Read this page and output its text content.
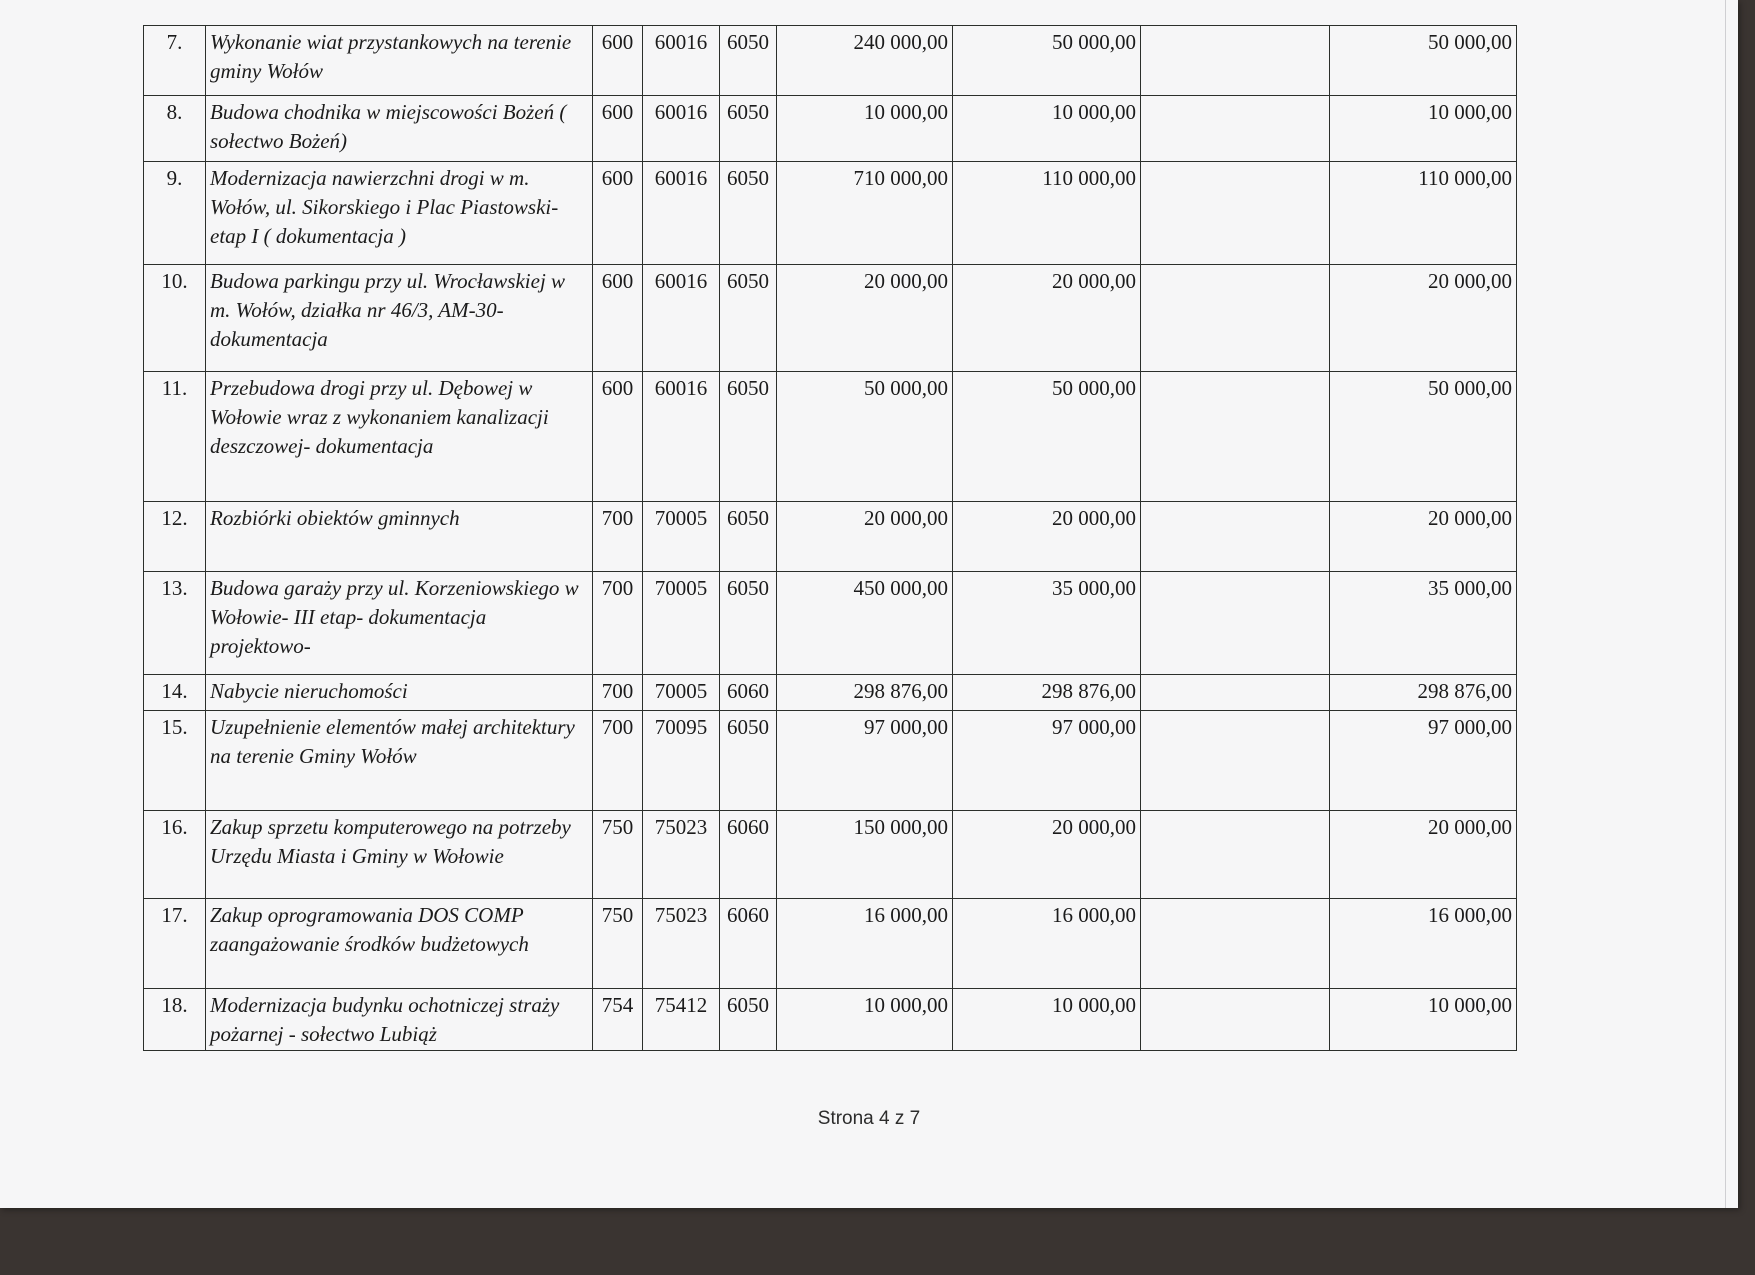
7.	Wykonanie wiat przystankowych na terenie gminy Wołów	600	60016	6050	240 000,00	50 000,00		50 000,00
8.	Budowa chodnika w miejscowości Bożeń ( sołectwo Bożeń)	600	60016	6050	10 000,00	10 000,00		10 000,00
9.	Modernizacja nawierzchni drogi w m. Wołów, ul. Sikorskiego i Plac Piastowski- etap I ( dokumentacja )	600	60016	6050	710 000,00	110 000,00		110 000,00
10.	Budowa parkingu przy ul. Wrocławskiej w m. Wołów, działka nr 46/3, AM-30- dokumentacja	600	60016	6050	20 000,00	20 000,00		20 000,00
11.	Przebudowa drogi przy ul. Dębowej w Wołowie wraz z wykonaniem kanalizacji deszczowej- dokumentacja	600	60016	6050	50 000,00	50 000,00		50 000,00
12.	Rozbiórki obiektów gminnych	700	70005	6050	20 000,00	20 000,00		20 000,00
13.	Budowa garaży przy ul. Korzeniowskiego w Wołowie- III etap- dokumentacja projektowo-	700	70005	6050	450 000,00	35 000,00		35 000,00
14.	Nabycie nieruchomości	700	70005	6060	298 876,00	298 876,00		298 876,00
15.	Uzupełnienie elementów małej architektury na terenie Gminy Wołów	700	70095	6050	97 000,00	97 000,00		97 000,00
16.	Zakup sprzetu komputerowego na potrzeby Urzędu Miasta i Gminy w Wołowie	750	75023	6060	150 000,00	20 000,00		20 000,00
17.	Zakup oprogramowania DOS COMP zaangażowanie środków budżetowych	750	75023	6060	16 000,00	16 000,00		16 000,00
18.	Modernizacja budynku ochotniczej straży pożarnej - sołectwo Lubiąż	754	75412	6050	10 000,00	10 000,00		10 000,00
Strona 4 z 7
